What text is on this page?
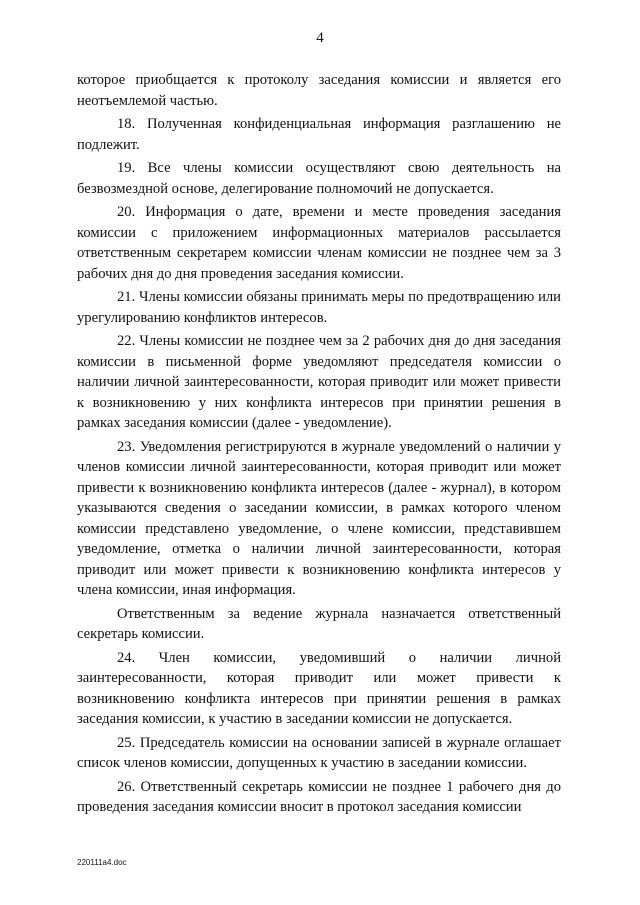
4

которое приобщается к протоколу заседания комиссии и является его неотъемлемой частью.

18. Полученная конфиденциальная информация разглашению не подлежит.

19. Все члены комиссии осуществляют свою деятельность на безвозмездной основе, делегирование полномочий не допускается.

20. Информация о дате, времени и месте проведения заседания комиссии с приложением информационных материалов рассылается ответственным секретарем комиссии членам комиссии не позднее чем за 3 рабочих дня до дня проведения заседания комиссии.

21. Члены комиссии обязаны принимать меры по предотвращению или урегулированию конфликтов интересов.

22. Члены комиссии не позднее чем за 2 рабочих дня до дня заседания комиссии в письменной форме уведомляют председателя комиссии о наличии личной заинтересованности, которая приводит или может привести к возникновению у них конфликта интересов при принятии решения в рамках заседания комиссии (далее - уведомление).

23. Уведомления регистрируются в журнале уведомлений о наличии у членов комиссии личной заинтересованности, которая приводит или может привести к возникновению конфликта интересов (далее - журнал), в котором указываются сведения о заседании комиссии, в рамках которого членом комиссии представлено уведомление, о члене комиссии, представившем уведомление, отметка о наличии личной заинтересованности, которая приводит или может привести к возникновению конфликта интересов у члена комиссии, иная информация.

Ответственным за ведение журнала назначается ответственный секретарь комиссии.

24. Член комиссии, уведомивший о наличии личной заинтересованности, которая приводит или может привести к возникновению конфликта интересов при принятии решения в рамках заседания комиссии, к участию в заседании комиссии не допускается.

25. Председатель комиссии на основании записей в журнале оглашает список членов комиссии, допущенных к участию в заседании комиссии.

26. Ответственный секретарь комиссии не позднее 1 рабочего дня до проведения заседания комиссии вносит в протокол заседания комиссии

220111a4.doc
